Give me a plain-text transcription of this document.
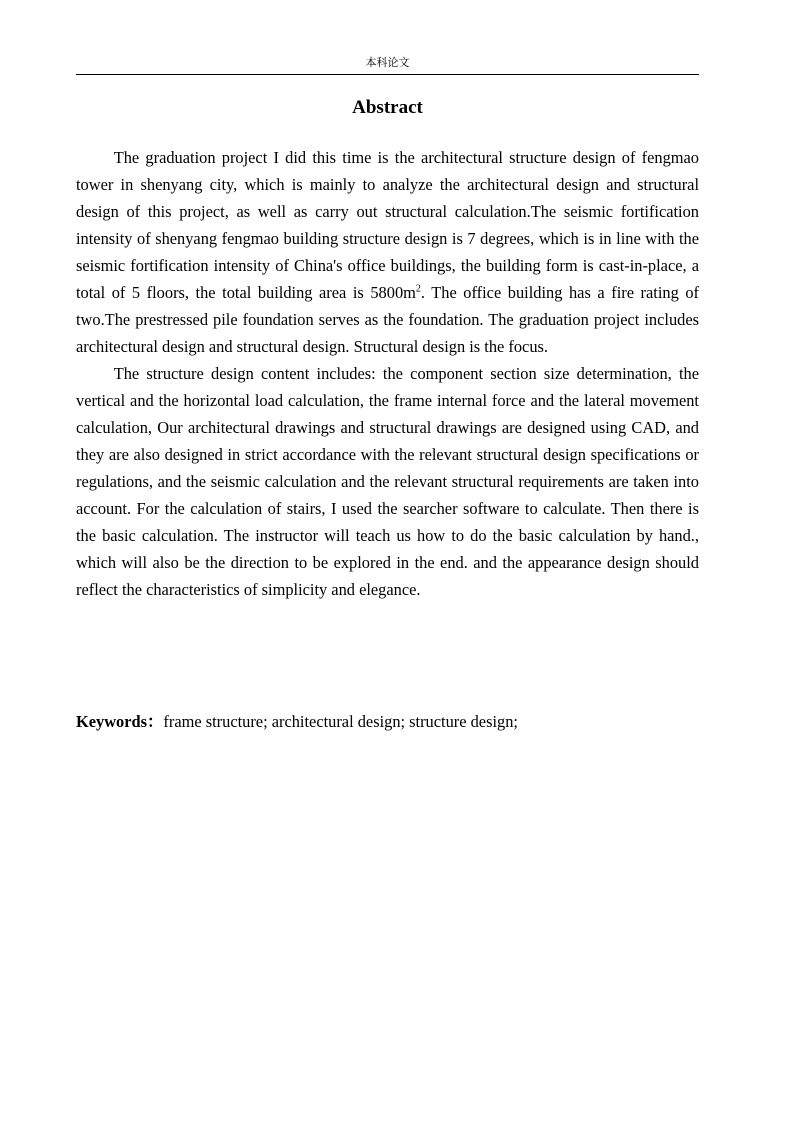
本科论文
Abstract

The graduation project I did this time is the architectural structure design of fengmao tower in shenyang city, which is mainly to analyze the architectural design and structural design of this project, as well as carry out structural calculation.The seismic fortification intensity of shenyang fengmao building structure design is 7 degrees, which is in line with the seismic fortification intensity of China's office buildings, the building form is cast-in-place, a total of 5 floors, the total building area is $5800m^2$. The office building has a fire rating of two.The prestressed pile foundation serves as the foundation. The graduation project includes architectural design and structural design. Structural design is the focus.

The structure design content includes: the component section size determination, the vertical and the horizontal load calculation, the frame internal force and the lateral movement calculation, Our architectural drawings and structural drawings are designed using CAD, and they are also designed in strict accordance with the relevant structural design specifications or regulations, and the seismic calculation and the relevant structural requirements are taken into account. For the calculation of stairs, I used the searcher software to calculate. Then there is the basic calculation. The instructor will teach us how to do the basic calculation by hand., which will also be the direction to be explored in the end. and the appearance design should reflect the characteristics of simplicity and elegance.

Keywords：frame structure; architectural design; structure design;
